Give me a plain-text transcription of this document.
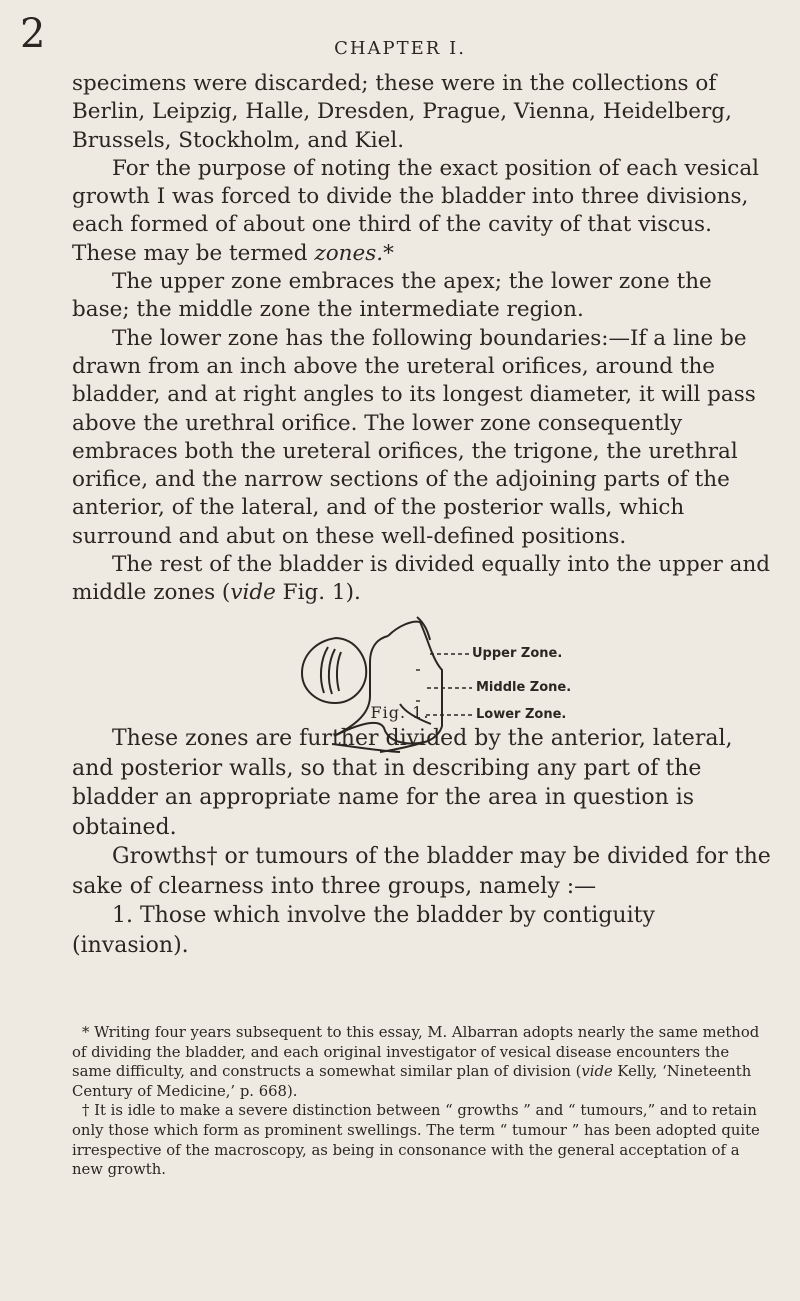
2	CHAPTER I.

specimens were discarded; these were in the collections of Berlin, Leipzig, Halle, Dresden, Prague, Vienna, Heidelberg, Brussels, Stockholm, and Kiel.

For the purpose of noting the exact position of each vesical growth I was forced to divide the bladder into three divisions, each formed of about one third of the cavity of that viscus. These may be termed zones.*

The upper zone embraces the apex; the lower zone the base; the middle zone the intermediate region.

The lower zone has the following boundaries:—If a line be drawn from an inch above the ureteral orifices, around the bladder, and at right angles to its longest diameter, it will pass above the urethral orifice. The lower zone consequently embraces both the ureteral orifices, the trigone, the urethral orifice, and the narrow sections of the adjoining parts of the anterior, of the lateral, and of the posterior walls, which surround and abut on these well-defined positions.

The rest of the bladder is divided equally into the upper and middle zones (vide Fig. 1).

Upper Zone.
Middle Zone.
Lower Zone.
Fig. 1.

These zones are further divided by the anterior, lateral, and posterior walls, so that in describing any part of the bladder an appropriate name for the area in question is obtained.

Growths† or tumours of the bladder may be divided for the sake of clearness into three groups, namely :—

1. Those which involve the bladder by contiguity (invasion).

* Writing four years subsequent to this essay, M. Albarran adopts nearly the same method of dividing the bladder, and each original investigator of vesical disease encounters the same difficulty, and constructs a somewhat similar plan of division (vide Kelly, ‘Nineteenth Century of Medicine,’ p. 668).

† It is idle to make a severe distinction between “ growths ” and “ tumours,” and to retain only those which form as prominent swellings. The term “ tumour ” has been adopted quite irrespective of the macroscopy, as being in consonance with the general acceptation of a new growth.
